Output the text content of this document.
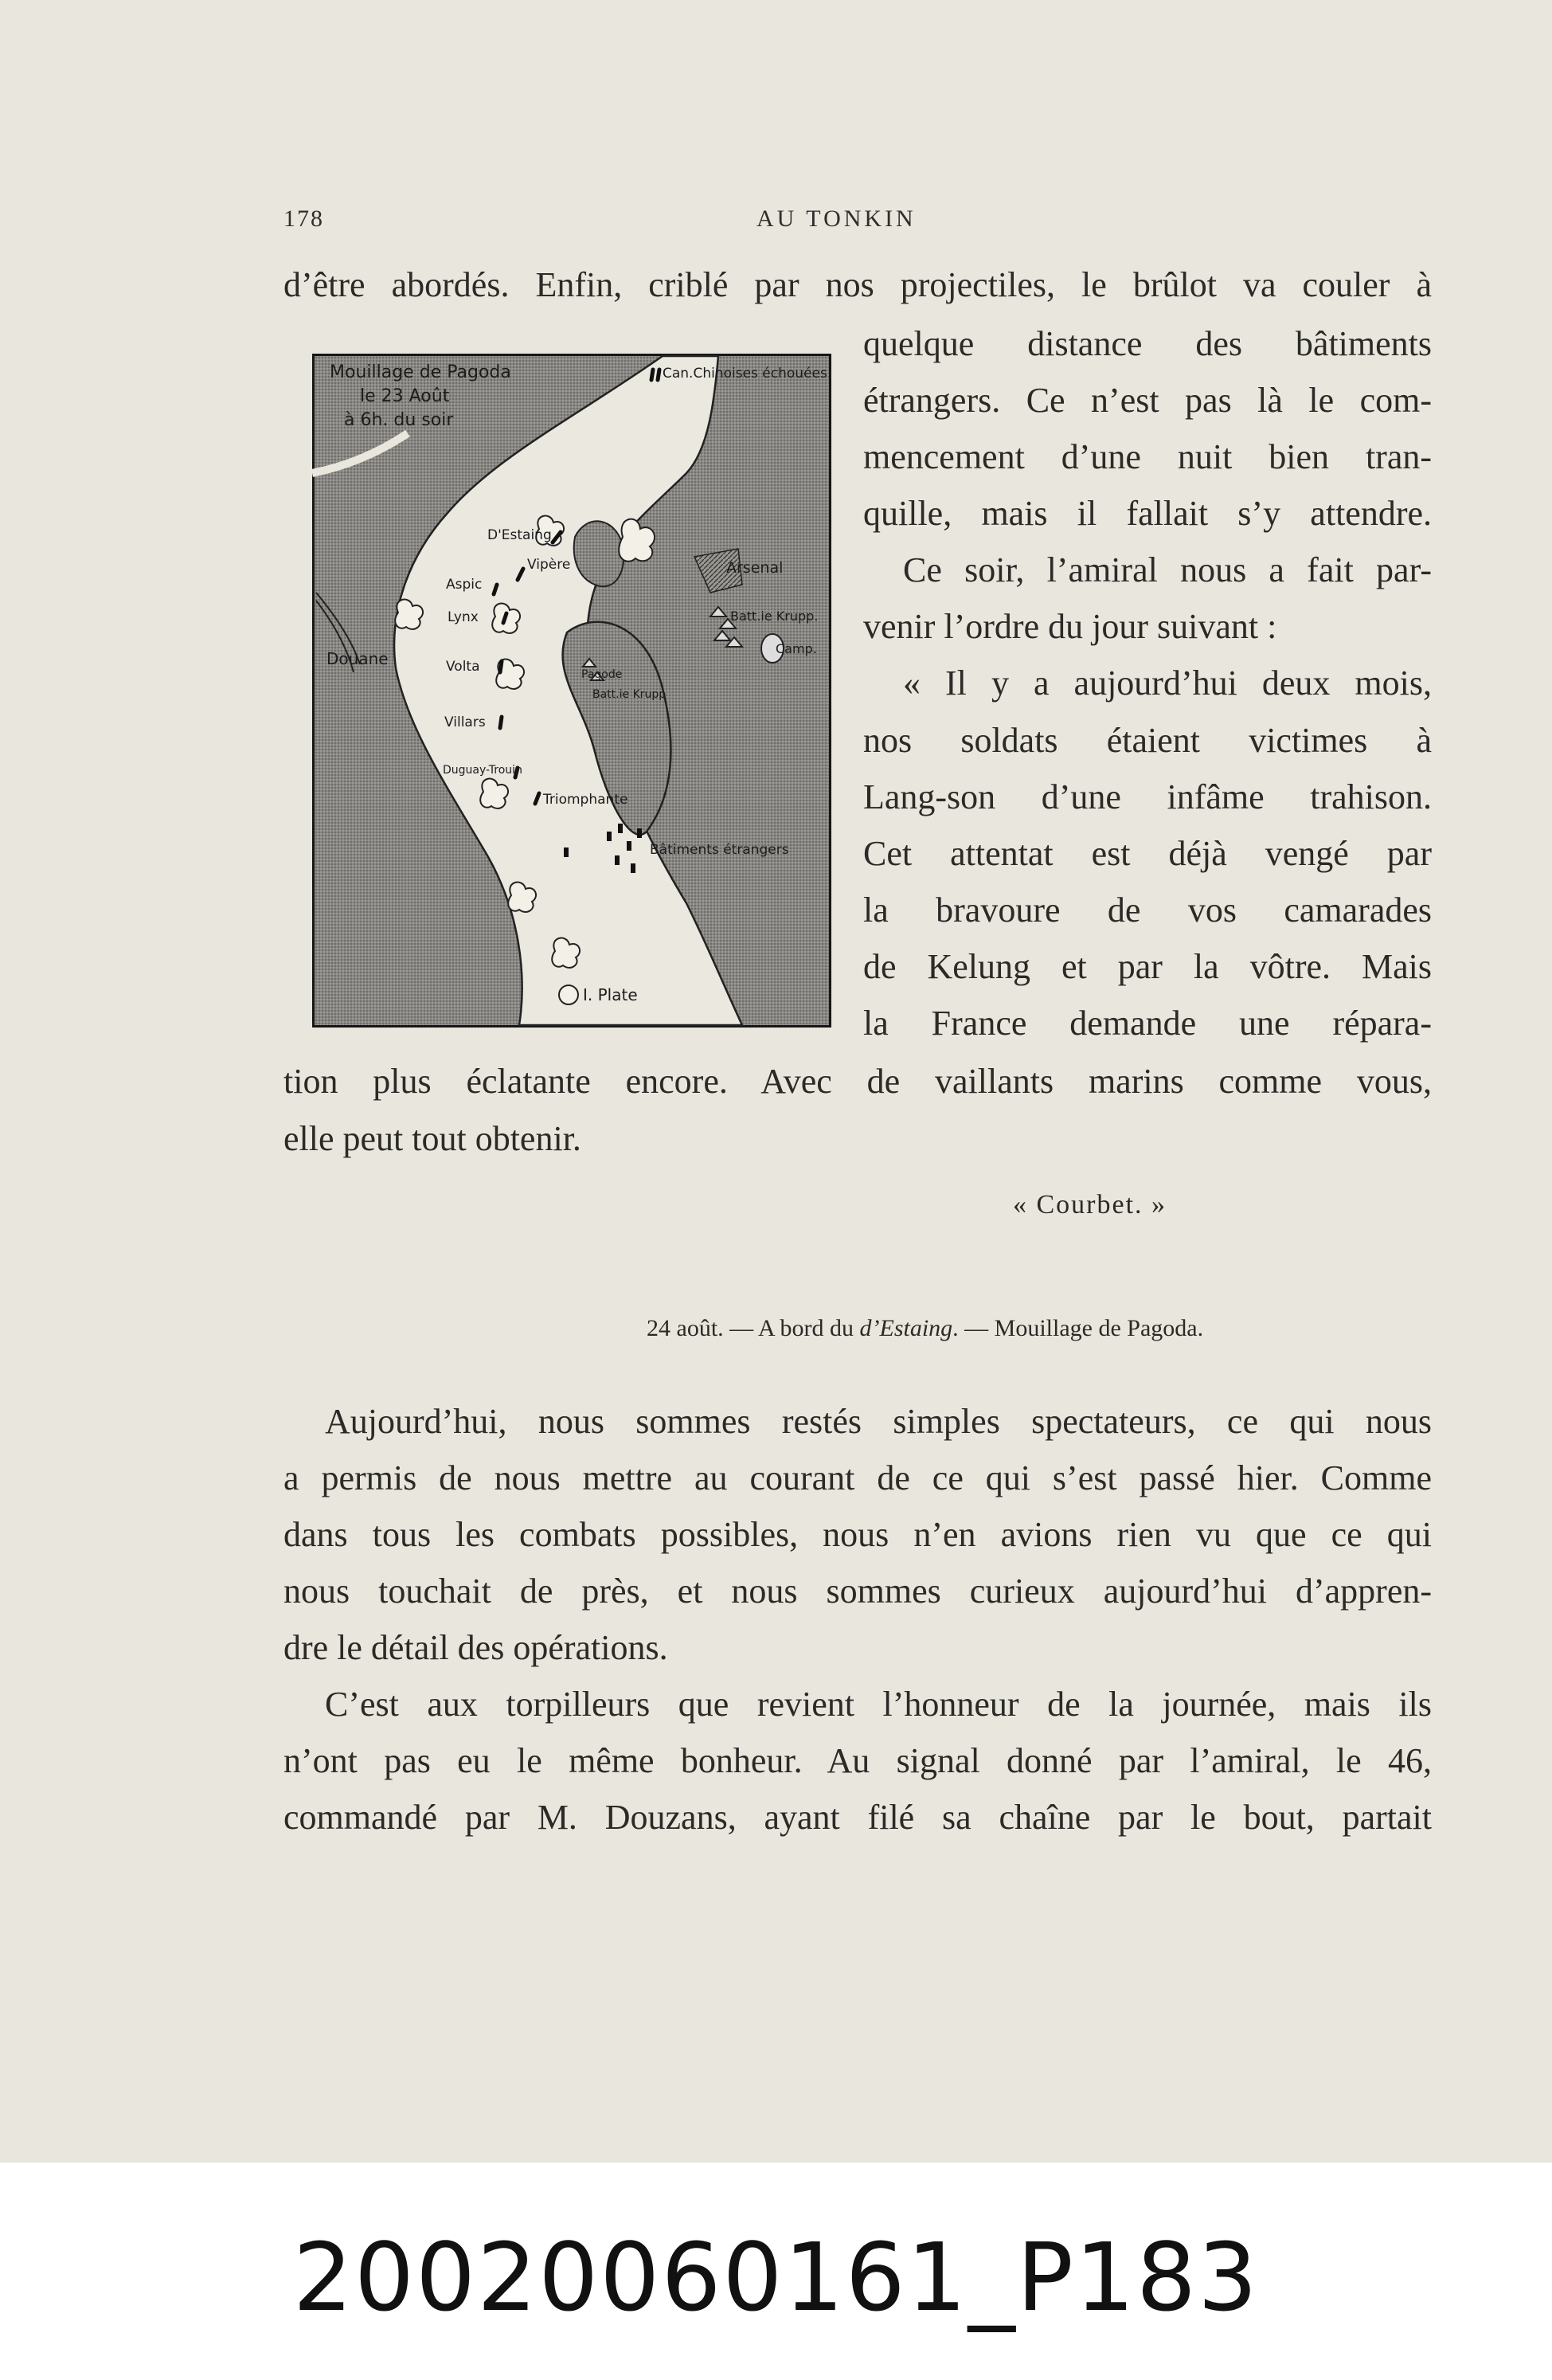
178	AU TONKIN
d’être abordés. Enfin, criblé par nos projectiles, le brûlot va couler à
quelque distance des bâtiments
étrangers. Ce n’est pas là le com-
mencement d’une nuit bien tran-
quille, mais il fallait s’y attendre.
Ce soir, l’amiral nous a fait par-
venir l’ordre du jour suivant :
« Il y a aujourd’hui deux mois,
nos soldats étaient victimes à
Lang-son d’une infâme trahison.
Cet attentat est déjà vengé par
la bravoure de vos camarades
de Kelung et par la vôtre. Mais
la France demande une répara-
tion plus éclatante encore. Avec de vaillants marins comme vous,
elle peut tout obtenir.
« Courbet. »
24 août. — A bord du d’Estaing. — Mouillage de Pagoda.
Aujourd’hui, nous sommes restés simples spectateurs, ce qui nous
a permis de nous mettre au courant de ce qui s’est passé hier. Comme
dans tous les combats possibles, nous n’en avions rien vu que ce qui
nous touchait de près, et nous sommes curieux aujourd’hui d’appren-
dre le détail des opérations.
C’est aux torpilleurs que revient l’honneur de la journée, mais ils
n’ont pas eu le même bonheur. Au signal donné par l’amiral, le 46,
commandé par M. Douzans, ayant filé sa chaîne par le bout, partait
Mouillage de Pagoda
le 23 Août
à 6h. du soir
Can.Chinoises échouées.
D'Estaing
Vipère
Aspic
Lynx
Douane	Volta
Villars
Duguay-Trouin
Triomphante
Arsenal
Batt.ie Krupp.
Camp.
Pagode
Batt.ie Krupp
Bâtiments étrangers
I. Plate
20020060161_P183
